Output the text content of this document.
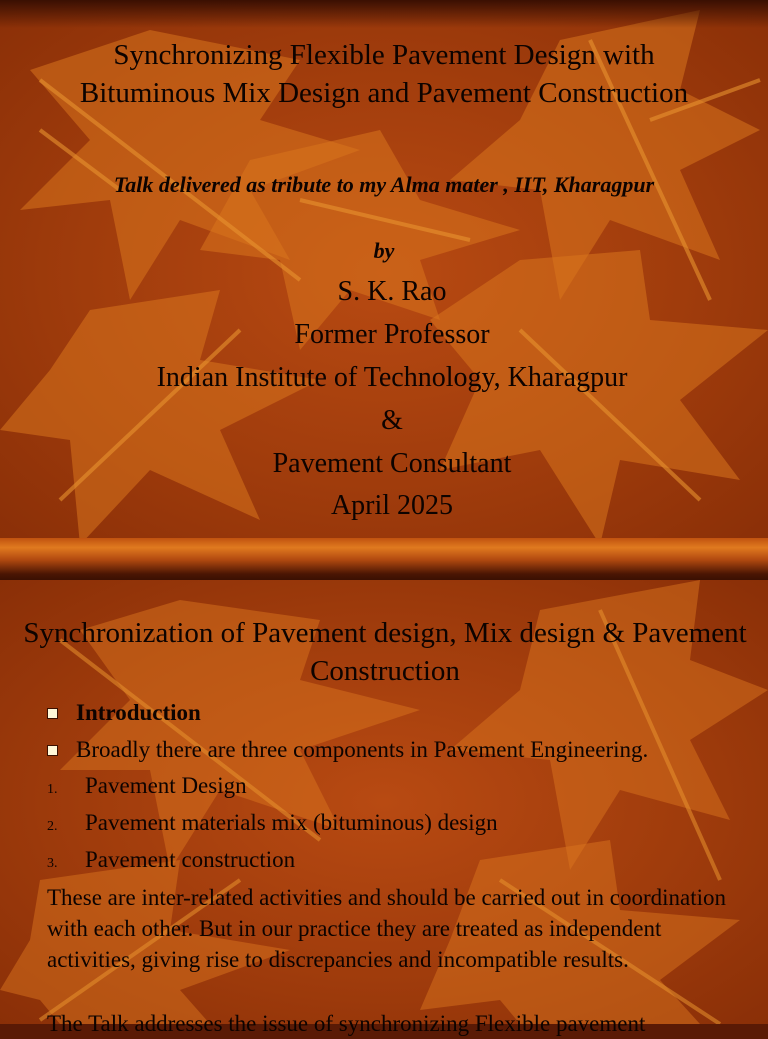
Synchronizing Flexible Pavement Design with Bituminous Mix Design and Pavement Construction
Talk delivered as tribute to my Alma mater , IIT, Kharagpur
by
S. K. Rao
Former Professor
Indian Institute of Technology, Kharagpur
&
Pavement Consultant
April 2025
Synchronization of Pavement design, Mix design & Pavement Construction
Introduction
Broadly there are three components in Pavement Engineering.
1. Pavement Design
2. Pavement materials mix (bituminous) design
3. Pavement construction
These are inter-related activities and should be carried out in coordination with each other. But in our practice they are treated as independent activities, giving rise to discrepancies and incompatible results.
The Talk addresses the issue of synchronizing Flexible pavement
